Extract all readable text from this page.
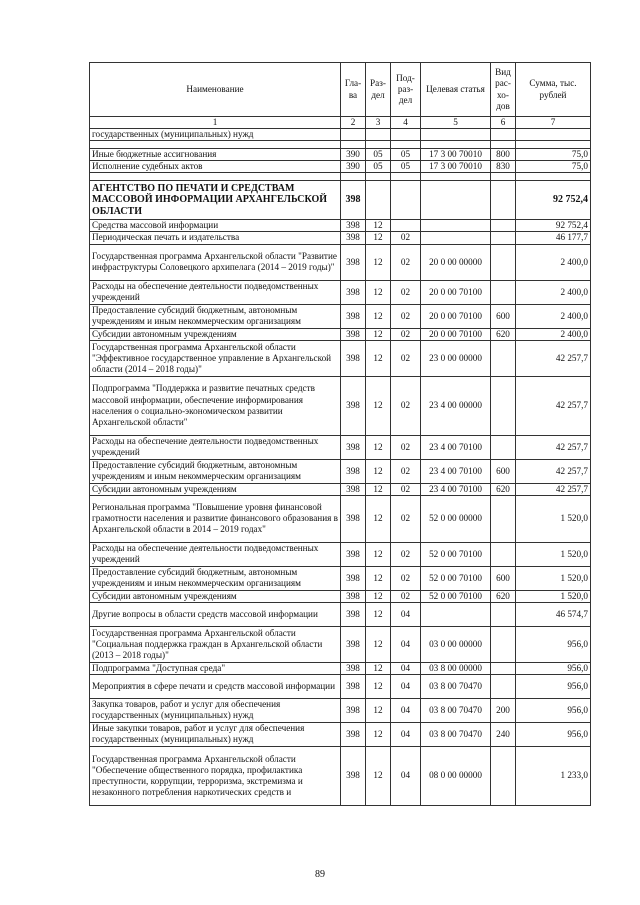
Наименование	Гла-ва	Раз-дел	Под-раз-дел	Целевая статья	Вид рас-хо-дов	Сумма, тыс. рублей
1	2	3	4	5	6	7
государственных (муниципальных) нужд						

Иные бюджетные ассигнования	390	05	05	17 3 00 70010	800	75,0
Исполнение судебных актов	390	05	05	17 3 00 70010	830	75,0

АГЕНТСТВО ПО ПЕЧАТИ И СРЕДСТВАМ МАССОВОЙ ИНФОРМАЦИИ АРХАНГЕЛЬСКОЙ ОБЛАСТИ	398					92 752,4
Средства массовой информации	398	12				92 752,4
Периодическая печать и издательства	398	12	02			46 177,7
Государственная программа Архангельской области "Развитие инфраструктуры Соловецкого архипелага (2014 – 2019 годы)"	398	12	02	20 0 00 00000		2 400,0
Расходы на обеспечение деятельности подведомственных учреждений	398	12	02	20 0 00 70100		2 400,0
Предоставление субсидий бюджетным, автономным учреждениям и иным некоммерческим организациям	398	12	02	20 0 00 70100	600	2 400,0
Субсидии автономным учреждениям	398	12	02	20 0 00 70100	620	2 400,0
Государственная программа Архангельской области "Эффективное государственное управление в Архангельской области (2014 – 2018 годы)"	398	12	02	23 0 00 00000		42 257,7
Подпрограмма "Поддержка и развитие печатных средств массовой информации, обеспечение информирования населения о социально-экономическом развитии Архангельской области"	398	12	02	23 4 00 00000		42 257,7
Расходы на обеспечение деятельности подведомственных учреждений	398	12	02	23 4 00 70100		42 257,7
Предоставление субсидий бюджетным, автономным учреждениям и иным некоммерческим организациям	398	12	02	23 4 00 70100	600	42 257,7
Субсидии автономным учреждениям	398	12	02	23 4 00 70100	620	42 257,7
Региональная программа "Повышение уровня финансовой грамотности населения и развитие финансового образования в Архангельской области в 2014 – 2019 годах"	398	12	02	52 0 00 00000		1 520,0
Расходы на обеспечение деятельности подведомственных учреждений	398	12	02	52 0 00 70100		1 520,0
Предоставление субсидий бюджетным, автономным учреждениям и иным некоммерческим организациям	398	12	02	52 0 00 70100	600	1 520,0
Субсидии автономным учреждениям	398	12	02	52 0 00 70100	620	1 520,0
Другие вопросы в области средств массовой информации	398	12	04			46 574,7
Государственная программа Архангельской области "Социальная поддержка граждан в Архангельской области (2013 – 2018 годы)"	398	12	04	03 0 00 00000		956,0
Подпрограмма "Доступная среда"	398	12	04	03 8 00 00000		956,0
Мероприятия в сфере печати и средств массовой информации	398	12	04	03 8 00 70470		956,0
Закупка товаров, работ и услуг для обеспечения государственных (муниципальных) нужд	398	12	04	03 8 00 70470	200	956,0
Иные закупки товаров, работ и услуг для обеспечения государственных (муниципальных) нужд	398	12	04	03 8 00 70470	240	956,0
Государственная программа Архангельской области "Обеспечение общественного порядка, профилактика преступности, коррупции, терроризма, экстремизма и незаконного потребления наркотических средств и	398	12	04	08 0 00 00000		1 233,0
89
